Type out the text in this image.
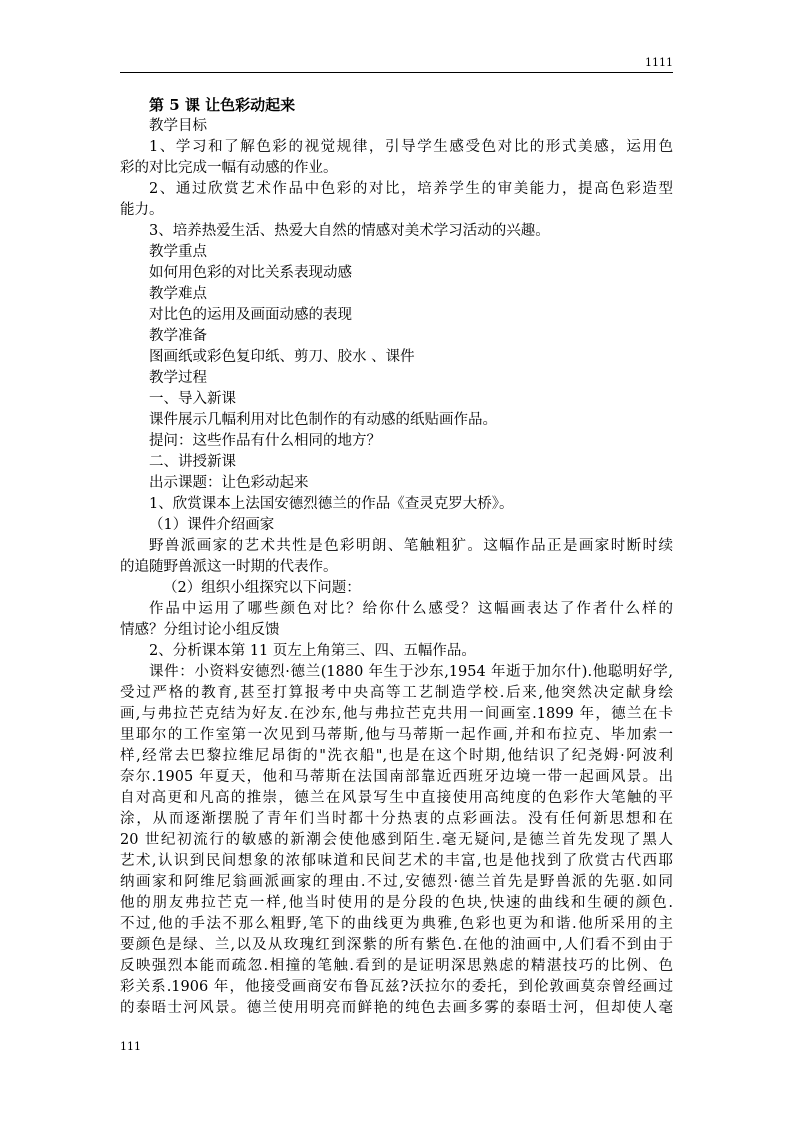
1111
第 5 课 让色彩动起来
教学目标
1、学习和了解色彩的视觉规律，引导学生感受色对比的形式美感，运用色
彩的对比完成一幅有动感的作业。
2、通过欣赏艺术作品中色彩的对比，培养学生的审美能力，提高色彩造型
能力。
3、培养热爱生活、热爱大自然的情感对美术学习活动的兴趣。
教学重点
如何用色彩的对比关系表现动感
教学难点
对比色的运用及画面动感的表现
教学准备
图画纸或彩色复印纸、剪刀、胶水 、课件
教学过程
一、导入新课
课件展示几幅利用对比色制作的有动感的纸贴画作品。
提问：这些作品有什么相同的地方？
二、讲授新课
出示课题：让色彩动起来
1、欣赏课本上法国安德烈德兰的作品《查灵克罗大桥》。
（1）课件介绍画家
野兽派画家的艺术共性是色彩明朗、笔触粗犷。这幅作品正是画家时断时续
的追随野兽派这一时期的代表作。
（2）组织小组探究以下问题：
作品中运用了哪些颜色对比？给你什么感受？这幅画表达了作者什么样的
情感？分组讨论小组反馈
2、分析课本第 11 页左上角第三、四、五幅作品。
课件：小资料安德烈·德兰(1880 年生于沙东,1954 年逝于加尔什).他聪明好学,
受过严格的教育,甚至打算报考中央高等工艺制造学校.后来,他突然决定献身绘
画,与弗拉芒克结为好友.在沙东,他与弗拉芒克共用一间画室.1899 年，德兰在卡
里耶尔的工作室第一次见到马蒂斯,他与马蒂斯一起作画,并和布拉克、毕加索一
样,经常去巴黎拉维尼昂街的"洗衣船",也是在这个时期,他结识了纪尧姆·阿波利
奈尔.1905 年夏天，他和马蒂斯在法国南部靠近西班牙边境一带一起画风景。出
自对高更和凡高的推崇，德兰在风景写生中直接使用高纯度的色彩作大笔触的平
涂，从而逐渐摆脱了青年们当时都十分热衷的点彩画法。没有任何新思想和在
20 世纪初流行的敏感的新潮会使他感到陌生.毫无疑问,是德兰首先发现了黑人
艺术,认识到民间想象的浓郁味道和民间艺术的丰富,也是他找到了欣赏古代西耶
纳画家和阿维尼翁画派画家的理由.不过,安德烈·德兰首先是野兽派的先驱.如同
他的朋友弗拉芒克一样,他当时使用的是分段的色块,快速的曲线和生硬的颜色.
不过,他的手法不那么粗野,笔下的曲线更为典雅,色彩也更为和谐.他所采用的主
要颜色是绿、兰,以及从玫瑰红到深紫的所有紫色.在他的油画中,人们看不到由于
反映强烈本能而疏忽.相撞的笔触.看到的是证明深思熟虑的精湛技巧的比例、色
彩关系.1906 年，他接受画商安布鲁瓦兹?沃拉尔的委托，到伦敦画莫奈曾经画过
的泰晤士河风景。德兰使用明亮而鲜艳的纯色去画多雾的泰晤士河，但却使人毫
111
